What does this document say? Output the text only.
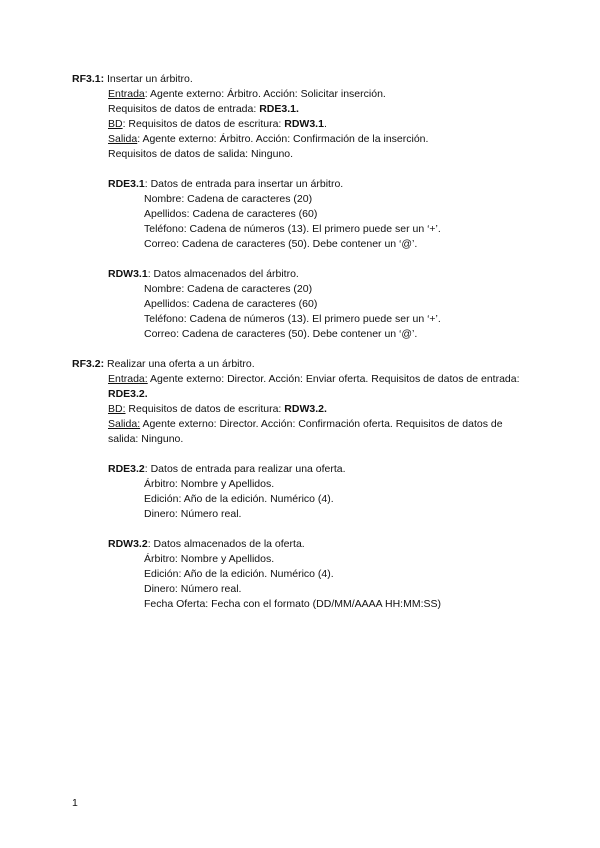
RF3.1: Insertar un árbitro.
Entrada: Agente externo: Árbitro. Acción: Solicitar inserción.
Requisitos de datos de entrada: RDE3.1.
BD: Requisitos de datos de escritura: RDW3.1.
Salida: Agente externo: Árbitro. Acción: Confirmación de la inserción.
Requisitos de datos de salida: Ninguno.
RDE3.1: Datos de entrada para insertar un árbitro.
Nombre: Cadena de caracteres (20)
Apellidos: Cadena de caracteres (60)
Teléfono: Cadena de números (13). El primero puede ser un ‘+’.
Correo: Cadena de caracteres (50). Debe contener un ‘@’.
RDW3.1: Datos almacenados del árbitro.
Nombre: Cadena de caracteres (20)
Apellidos: Cadena de caracteres (60)
Teléfono: Cadena de números (13). El primero puede ser un ‘+’.
Correo: Cadena de caracteres (50). Debe contener un ‘@’.
RF3.2: Realizar una oferta a un árbitro.
Entrada: Agente externo: Director. Acción: Enviar oferta. Requisitos de datos de entrada: RDE3.2.
BD: Requisitos de datos de escritura: RDW3.2.
Salida: Agente externo: Director. Acción: Confirmación oferta. Requisitos de datos de salida: Ninguno.
RDE3.2: Datos de entrada para realizar una oferta.
Árbitro: Nombre y Apellidos.
Edición: Año de la edición. Numérico (4).
Dinero: Número real.
RDW3.2: Datos almacenados de la oferta.
Árbitro: Nombre y Apellidos.
Edición: Año de la edición. Numérico (4).
Dinero: Número real.
Fecha Oferta: Fecha con el formato (DD/MM/AAAA HH:MM:SS)
1
